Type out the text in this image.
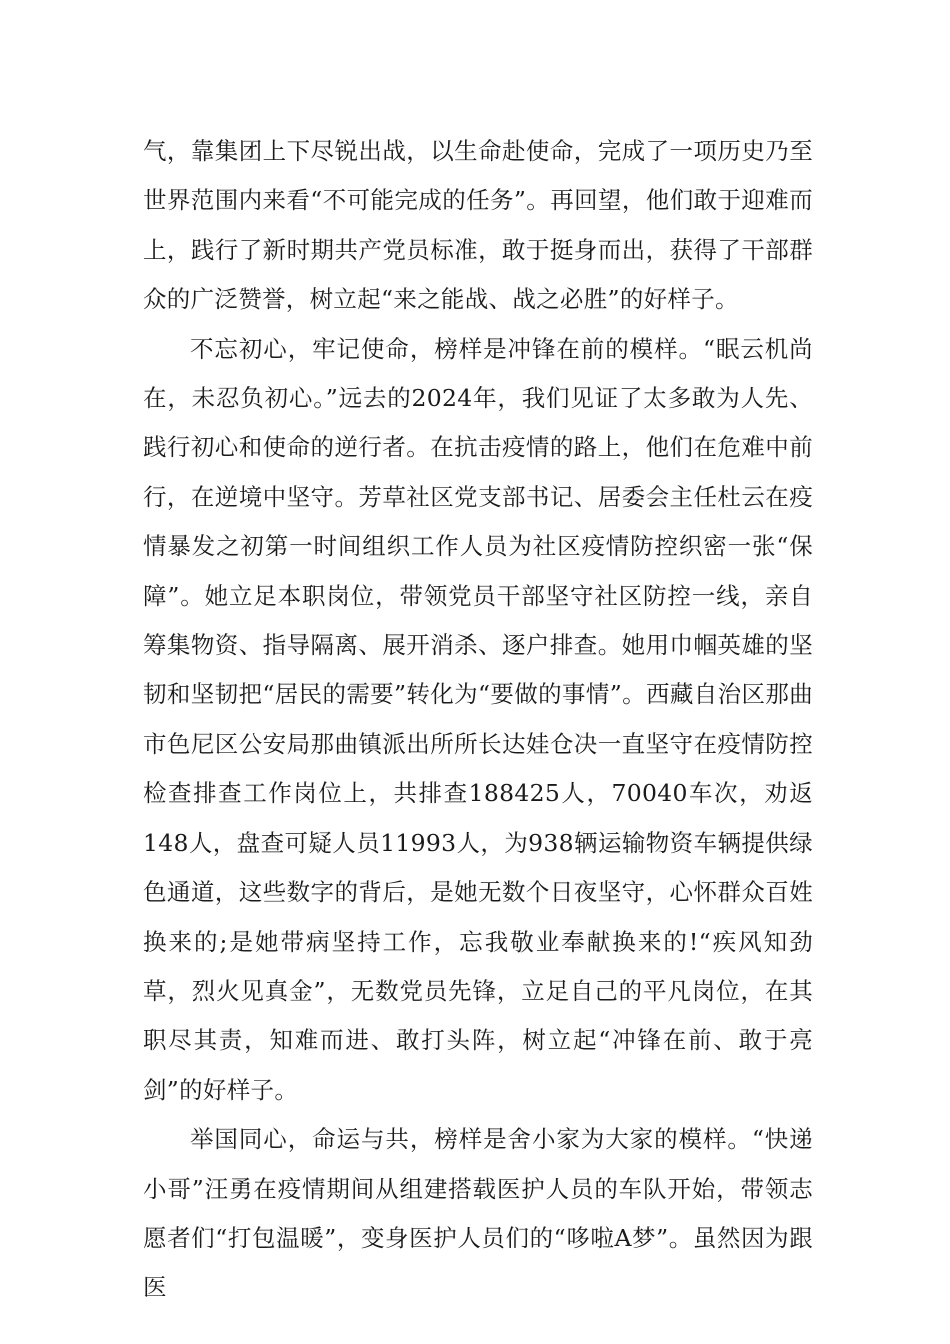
气，靠集团上下尽锐出战，以生命赴使命，完成了一项历史乃至世界范围内来看“不可能完成的任务”。再回望，他们敢于迎难而上，践行了新时期共产党员标准，敢于挺身而出，获得了干部群众的广泛赞誉，树立起“来之能战、战之必胜”的好样子。

不忘初心，牢记使命，榜样是冲锋在前的模样。“眠云机尚在，未忍负初心。”远去的2024年，我们见证了太多敢为人先、践行初心和使命的逆行者。在抗击疫情的路上，他们在危难中前行，在逆境中坚守。芳草社区党支部书记、居委会主任杜云在疫情暴发之初第一时间组织工作人员为社区疫情防控织密一张“保障”。她立足本职岗位，带领党员干部坚守社区防控一线，亲自筹集物资、指导隔离、展开消杀、逐户排查。她用巾帼英雄的坚韧和坚韧把“居民的需要”转化为“要做的事情”。西藏自治区那曲市色尼区公安局那曲镇派出所所长达娃仓决一直坚守在疫情防控检查排查工作岗位上，共排查188425人，70040车次，劝返148人，盘查可疑人员11993人，为938辆运输物资车辆提供绿色通道，这些数字的背后，是她无数个日夜坚守，心怀群众百姓换来的;是她带病坚持工作，忘我敬业奉献换来的!“疾风知劲草，烈火见真金”，无数党员先锋，立足自己的平凡岗位，在其职尽其责，知难而进、敢打头阵，树立起“冲锋在前、敢于亮剑”的好样子。

举国同心，命运与共，榜样是舍小家为大家的模样。“快递小哥”汪勇在疫情期间从组建搭载医护人员的车队开始，带领志愿者们“打包温暖”，变身医护人员们的“哆啦A梦”。虽然因为跟医
